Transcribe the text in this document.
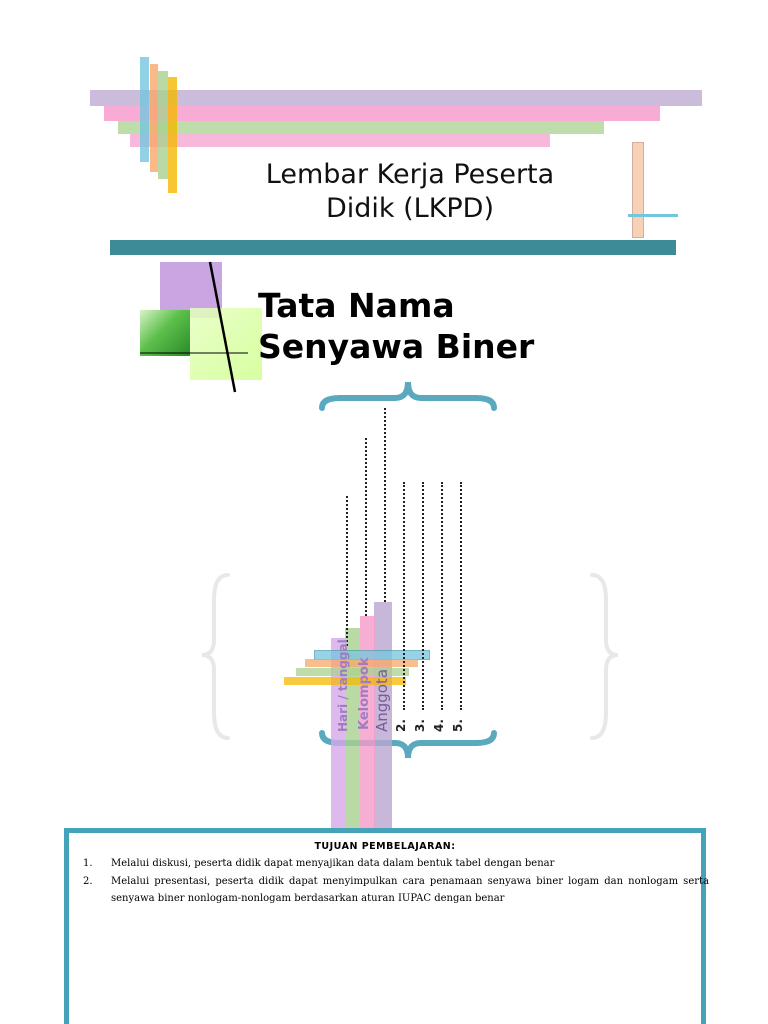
Lembar Kerja Peserta
Didik (LKPD)
Tata Nama
Senyawa Biner
Hari / tanggal Kelompok Anggota 2. 3. 4. 5.
TUJUAN PEMBELAJARAN:
1. Melalui diskusi, peserta didik dapat menyajikan data dalam bentuk tabel dengan benar
2. Melalui presentasi, peserta didik dapat menyimpulkan cara penamaan senyawa biner logam dan nonlogam serta senyawa biner nonlogam-nonlogam berdasarkan aturan IUPAC dengan benar
